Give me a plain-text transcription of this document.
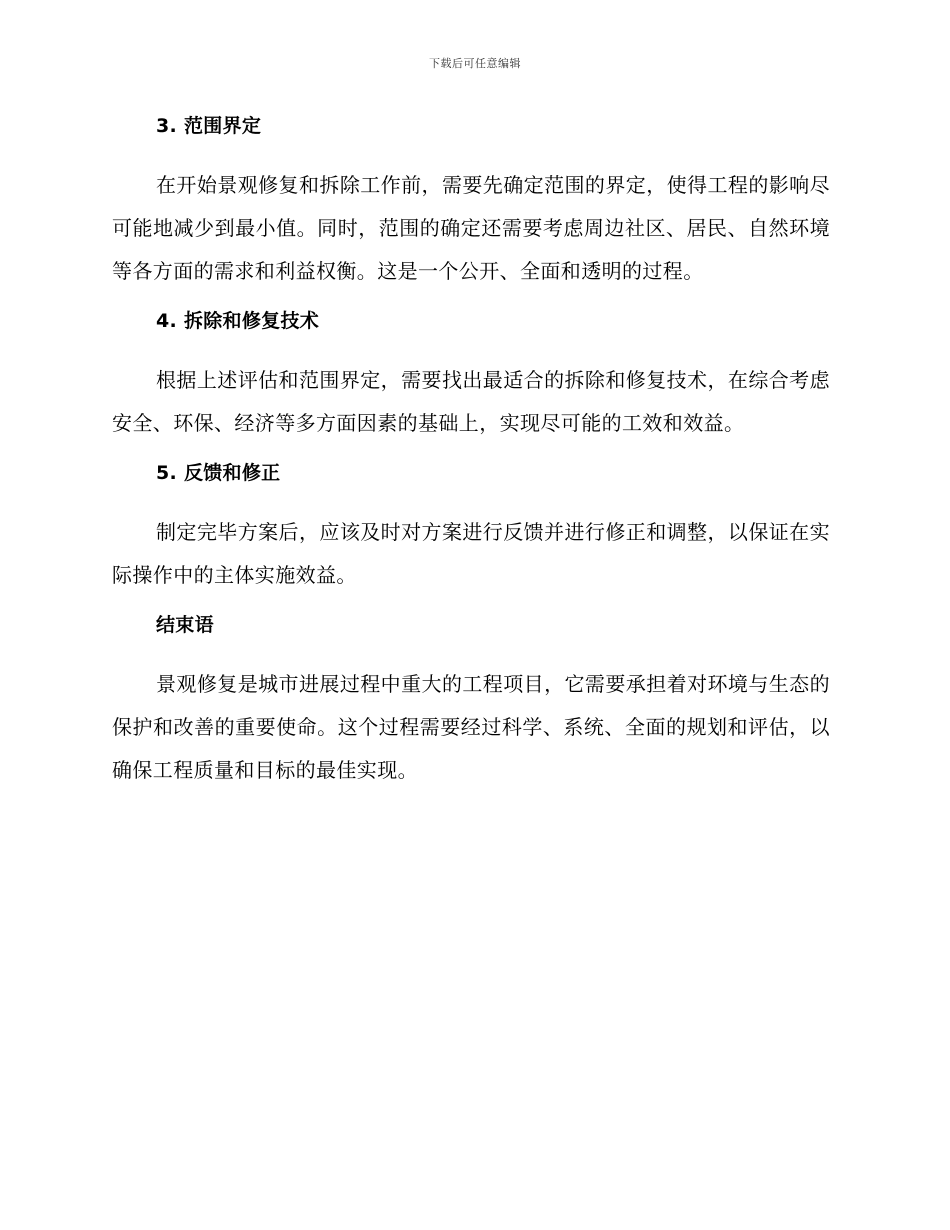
下载后可任意编辑
3. 范围界定

在开始景观修复和拆除工作前，需要先确定范围的界定，使得工程的影响尽可能地减少到最小值。同时，范围的确定还需要考虑周边社区、居民、自然环境等各方面的需求和利益权衡。这是一个公开、全面和透明的过程。

4. 拆除和修复技术

根据上述评估和范围界定，需要找出最适合的拆除和修复技术，在综合考虑安全、环保、经济等多方面因素的基础上，实现尽可能的工效和效益。

5. 反馈和修正

制定完毕方案后，应该及时对方案进行反馈并进行修正和调整，以保证在实际操作中的主体实施效益。

结束语

景观修复是城市进展过程中重大的工程项目，它需要承担着对环境与生态的保护和改善的重要使命。这个过程需要经过科学、系统、全面的规划和评估，以确保工程质量和目标的最佳实现。
